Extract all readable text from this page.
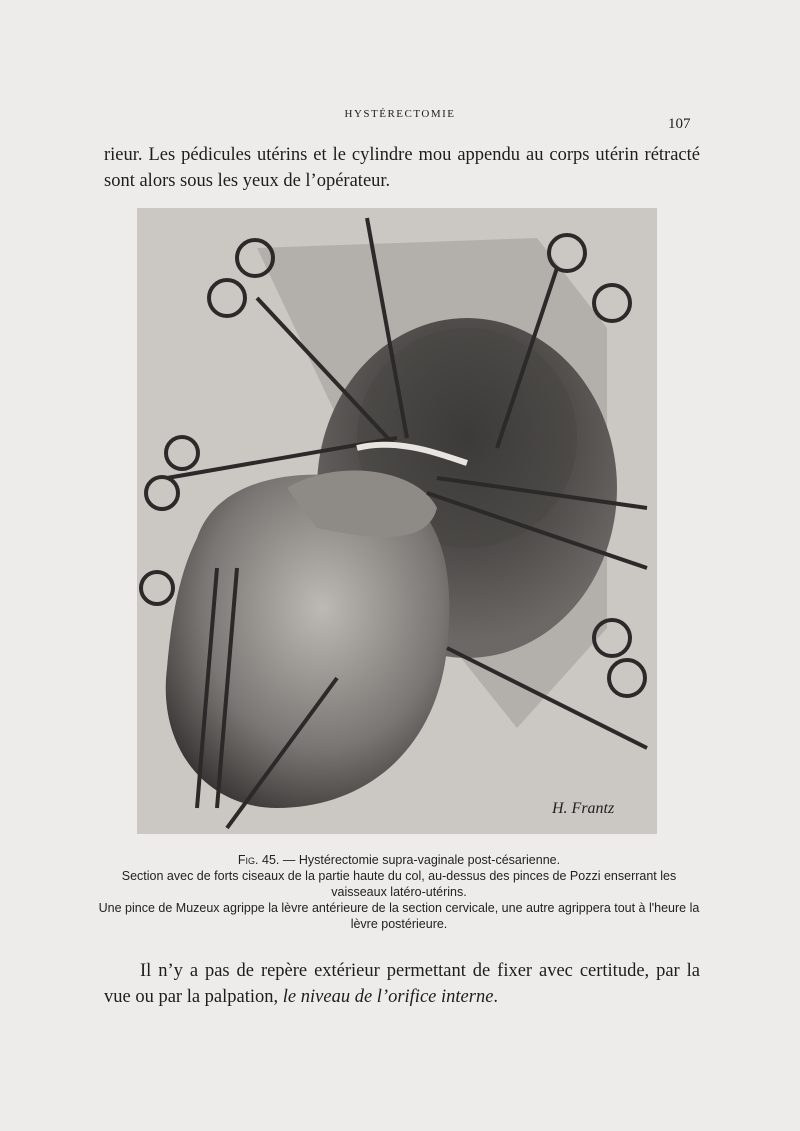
HYSTÉRECTOMIE
107

rieur. Les pédicules utérins et le cylindre mou appendu au corps utérin rétracté sont alors sous les yeux de l’opérateur.

H. Frantz
Fig. 45. — Hystérectomie supra-vaginale post-césarienne.
Section avec de forts ciseaux de la partie haute du col, au-dessus des pinces de Pozzi enserrant les vaisseaux latéro-utérins.
Une pince de Muzeux agrippe la lèvre antérieure de la section cervicale, une autre agrippera tout à l'heure la lèvre postérieure.

Il n’y a pas de repère extérieur permettant de fixer avec certitude, par la vue ou par la palpation, le niveau de l’orifice interne.
